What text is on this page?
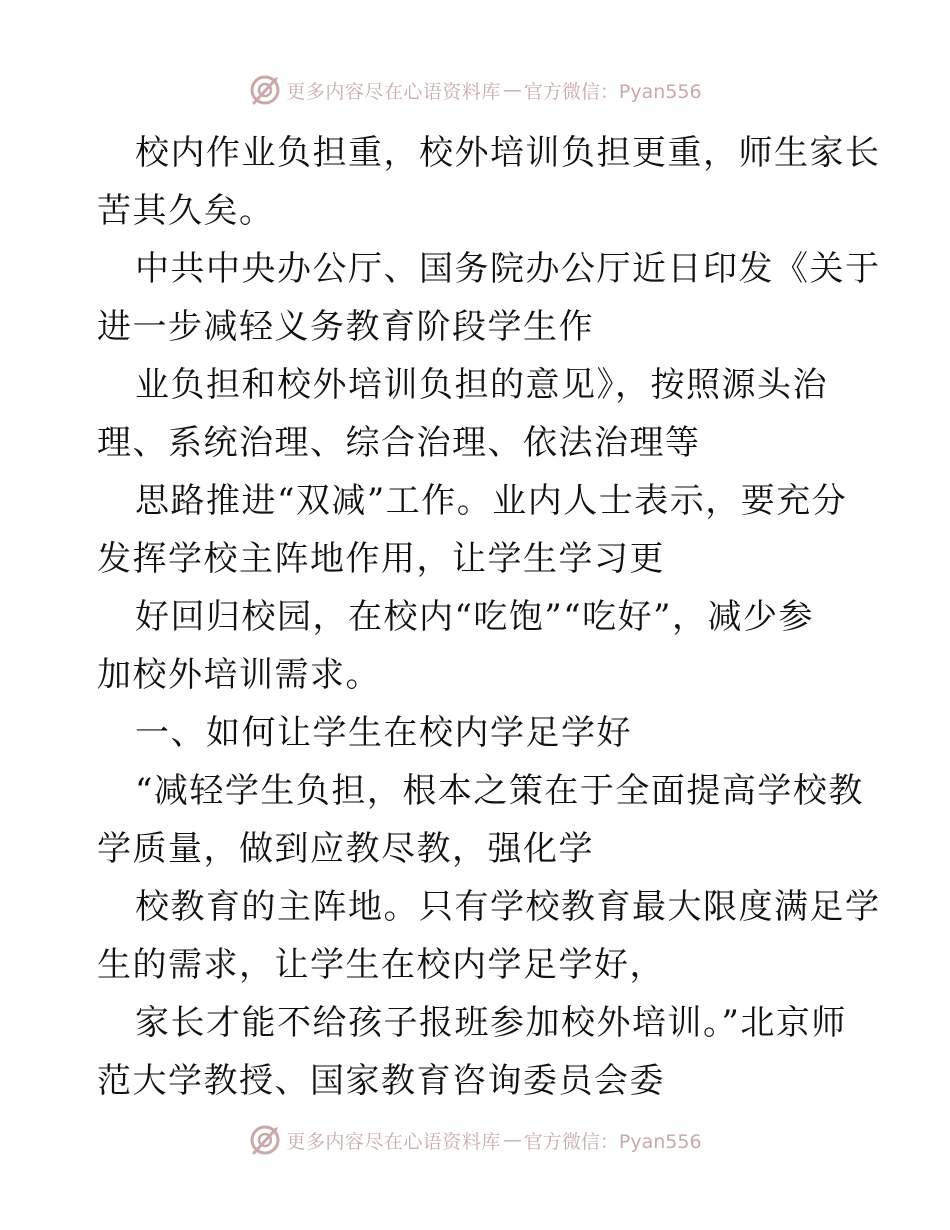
更多内容尽在心语资料库 — 官方微信：Pyan556
校内作业负担重，校外培训负担更重，师生家长
苦其久矣。
中共中央办公厅、国务院办公厅近日印发《关于
进一步减轻义务教育阶段学生作
业负担和校外培训负担的意见》，按照源头治
理、系统治理、综合治理、依法治理等
思路推进“双减”工作。业内人士表示，要充分
发挥学校主阵地作用，让学生学习更
好回归校园，在校内“吃饱”“吃好”，减少参
加校外培训需求。
一、如何让学生在校内学足学好
“减轻学生负担，根本之策在于全面提高学校教
学质量，做到应教尽教，强化学
校教育的主阵地。只有学校教育最大限度满足学
生的需求，让学生在校内学足学好，
家长才能不给孩子报班参加校外培训。”北京师
范大学教授、国家教育咨询委员会委
更多内容尽在心语资料库 — 官方微信：Pyan556
